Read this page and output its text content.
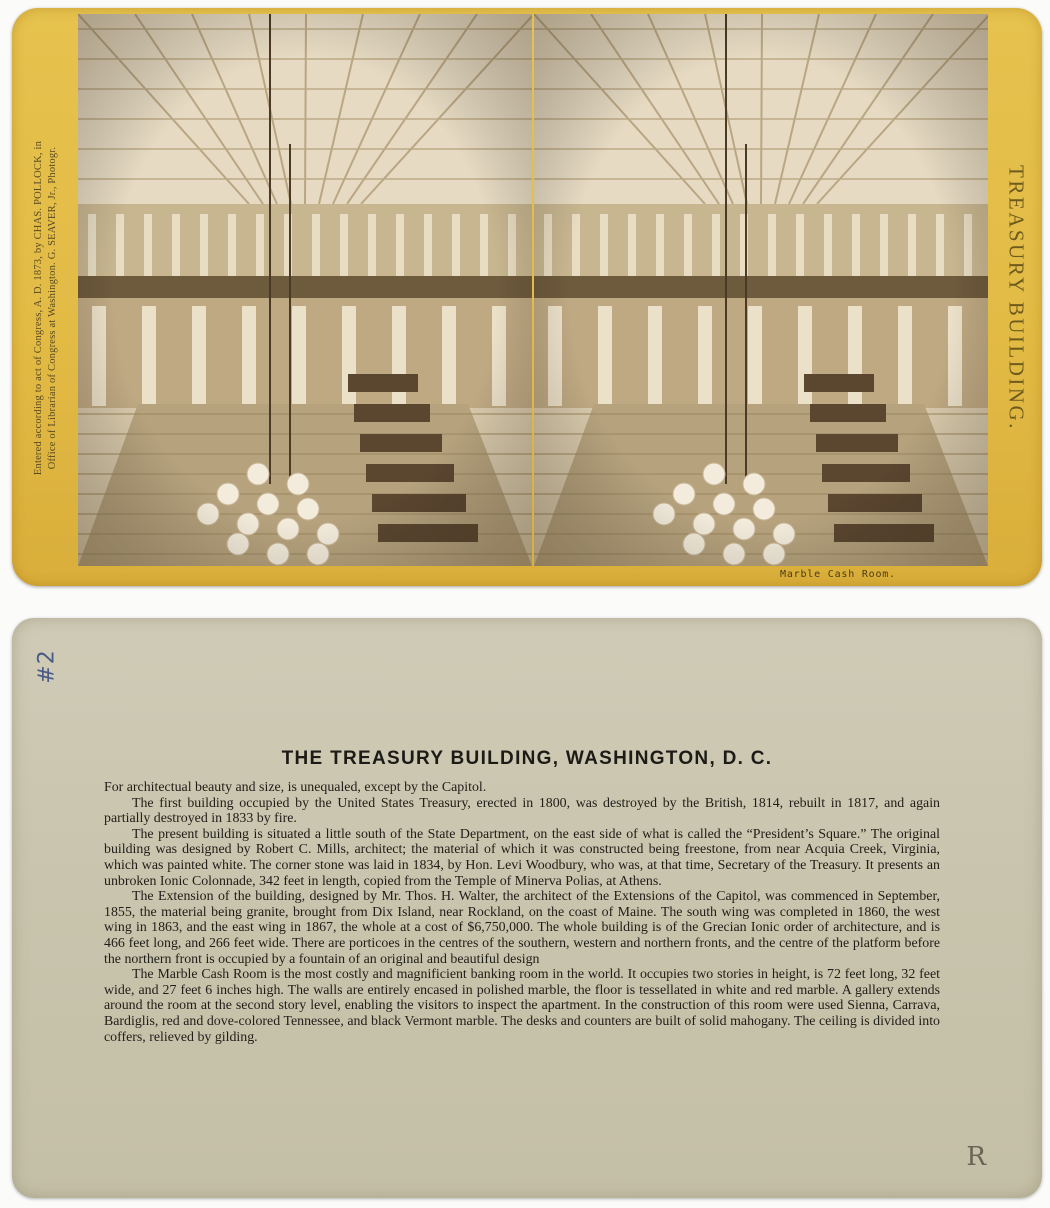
Entered according to act of Congress, A. D. 1873, by CHAS. POLLOCK, in Office of Librarian of Congress at Washington. G. SEAVER, Jr., Photogr.	TREASURY BUILDING.
Marble Cash Room.

#2
THE TREASURY BUILDING, WASHINGTON, D. C.

For architectual beauty and size, is unequaled, except by the Capitol.

The first building occupied by the United States Treasury, erected in 1800, was destroyed by the British, 1814, rebuilt in 1817, and again partially destroyed in 1833 by fire.

The present building is situated a little south of the State Department, on the east side of what is called the “President’s Square.” The original building was designed by Robert C. Mills, architect; the material of which it was constructed being freestone, from near Acquia Creek, Virginia, which was painted white. The corner stone was laid in 1834, by Hon. Levi Woodbury, who was, at that time, Secretary of the Treasury. It presents an unbroken Ionic Colonnade, 342 feet in length, copied from the Temple of Minerva Polias, at Athens.

The Extension of the building, designed by Mr. Thos. H. Walter, the architect of the Extensions of the Capitol, was commenced in September, 1855, the material being granite, brought from Dix Island, near Rockland, on the coast of Maine. The south wing was completed in 1860, the west wing in 1863, and the east wing in 1867, the whole at a cost of $6,750,000. The whole building is of the Grecian Ionic order of architecture, and is 466 feet long, and 266 feet wide. There are porticoes in the centres of the southern, western and northern fronts, and the centre of the platform before the northern front is occupied by a fountain of an original and beautiful design

The Marble Cash Room is the most costly and magnificient banking room in the world. It occupies two stories in height, is 72 feet long, 32 feet wide, and 27 feet 6 inches high. The walls are entirely encased in polished marble, the floor is tessellated in white and red marble. A gallery extends around the room at the second story level, enabling the visitors to inspect the apartment. In the construction of this room were used Sienna, Carrava, Bardiglis, red and dove-colored Tennessee, and black Vermont marble. The desks and counters are built of solid mahogany. The ceiling is divided into coffers, relieved by gilding.

R
